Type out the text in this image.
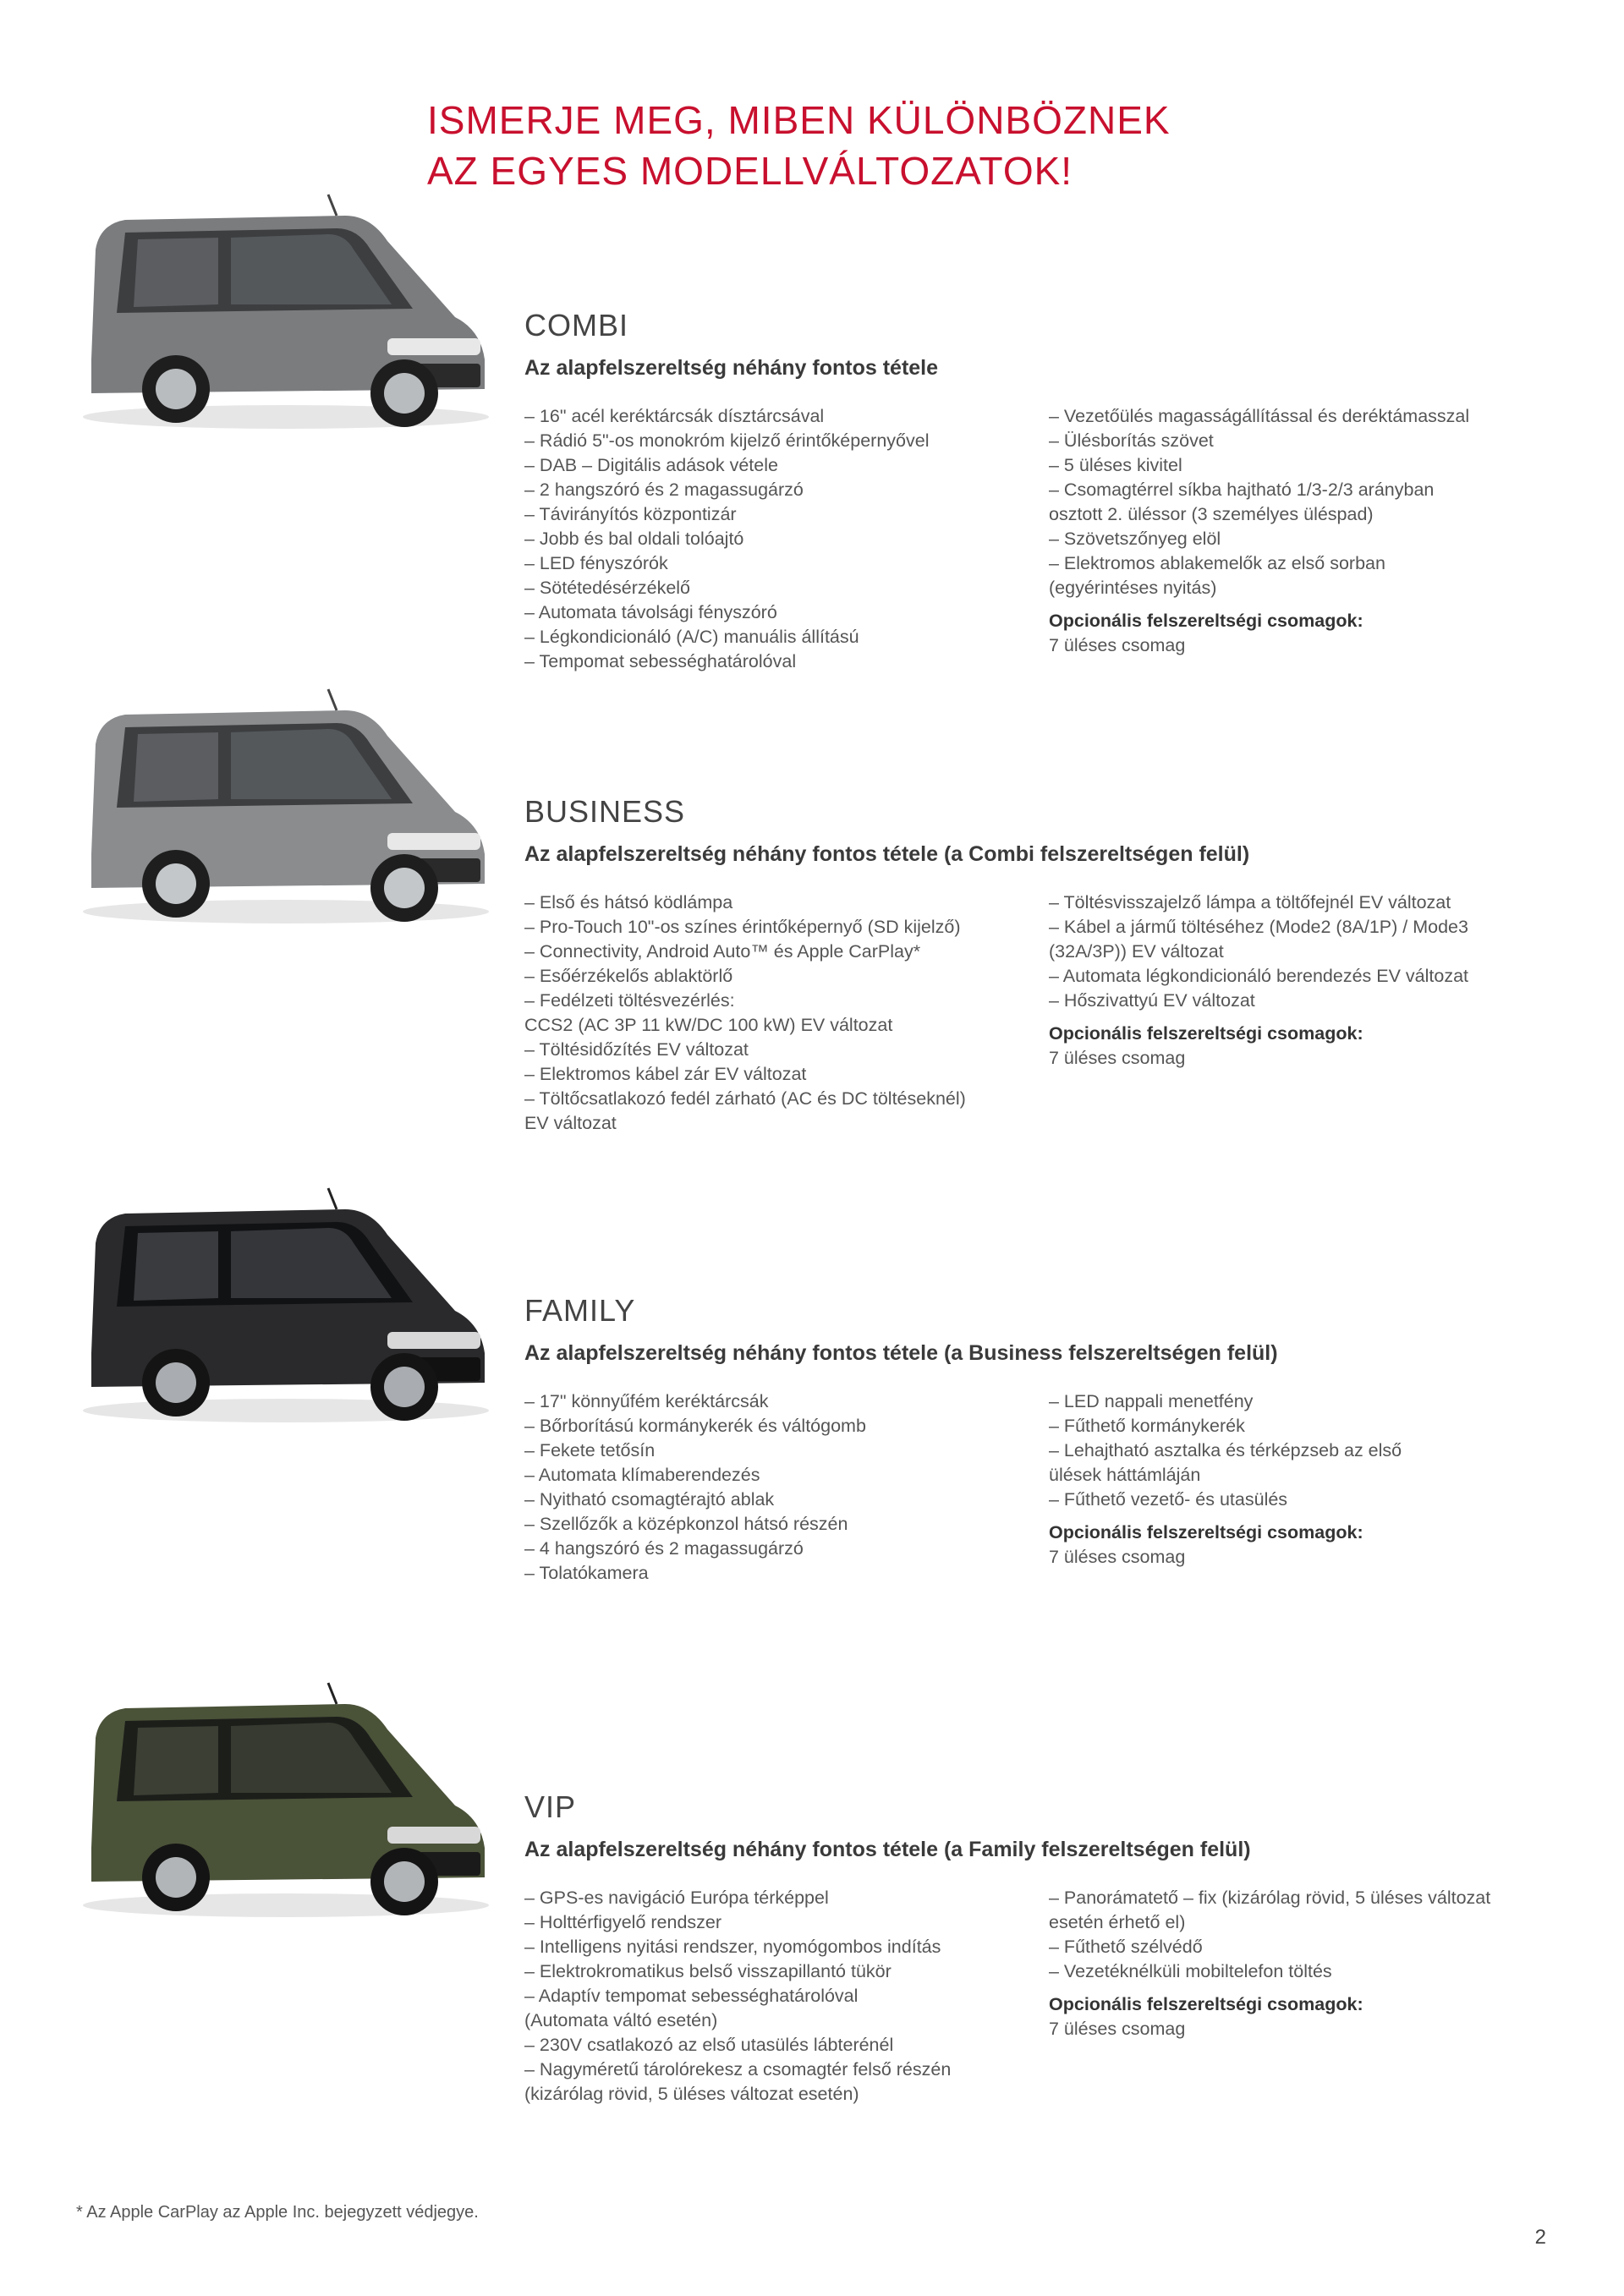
ISMERJE MEG, MIBEN KÜLÖNBÖZNEK
AZ EGYES MODELLVÁLTOZATOK!
COMBI
Az alapfelszereltség néhány fontos tétele
– 16" acél keréktárcsák dísztárcsával
– Rádió 5"-os monokróm kijelző érintőképernyővel
– DAB – Digitális adások vétele
– 2 hangszóró és 2 magassugárzó
– Távirányítós központizár
– Jobb és bal oldali tolóajtó
– LED fényszórók
– Sötétedésérzékelő
– Automata távolsági fényszóró
– Légkondicionáló (A/C) manuális állítású
– Tempomat sebességhatárolóval
– Vezetőülés magasságállítással és deréktámasszal
– Ülésborítás szövet
– 5 üléses kivitel
– Csomagtérrel síkba hajtható 1/3-2/3 arányban
osztott 2. üléssor (3 személyes üléspad)
– Szövetszőnyeg elöl
– Elektromos ablakemelők az első sorban
(egyérintéses nyitás)
Opcionális felszereltségi csomagok:
7 üléses csomag
BUSINESS
Az alapfelszereltség néhány fontos tétele (a Combi felszereltségen felül)
– Első és hátsó ködlámpa
– Pro-Touch 10"-os színes érintőképernyő (SD kijelző)
– Connectivity, Android Auto™ és Apple CarPlay*
– Esőérzékelős ablaktörlő
– Fedélzeti töltésvezérlés:
CCS2 (AC 3P 11 kW/DC 100 kW) EV változat
– Töltésidőzítés EV változat
– Elektromos kábel zár EV változat
– Töltőcsatlakozó fedél zárható (AC és DC töltéseknél)
EV változat
– Töltésvisszajelző lámpa a töltőfejnél EV változat
– Kábel a jármű töltéséhez (Mode2 (8A/1P) / Mode3
(32A/3P)) EV változat
– Automata légkondicionáló berendezés EV változat
– Hőszivattyú EV változat
Opcionális felszereltségi csomagok:
7 üléses csomag
FAMILY
Az alapfelszereltség néhány fontos tétele (a Business felszereltségen felül)
– 17" könnyűfém keréktárcsák
– Bőrborítású kormánykerék és váltógomb
– Fekete tetősín
– Automata klímaberendezés
– Nyitható csomagtérajtó ablak
– Szellőzők a középkonzol hátsó részén
– 4 hangszóró és 2 magassugárzó
– Tolatókamera
– LED nappali menetfény
– Fűthető kormánykerék
– Lehajtható asztalka és térképzseb az első
ülések háttámláján
– Fűthető vezető- és utasülés
Opcionális felszereltségi csomagok:
7 üléses csomag
VIP
Az alapfelszereltség néhány fontos tétele (a Family felszereltségen felül)
– GPS-es navigáció Európa térképpel
– Holttérfigyelő rendszer
– Intelligens nyitási rendszer, nyomógombos indítás
– Elektrokromatikus belső visszapillantó tükör
– Adaptív tempomat sebességhatárolóval
(Automata váltó esetén)
– 230V csatlakozó az első utasülés lábterénél
– Nagyméretű tárolórekesz a csomagtér felső részén
(kizárólag rövid, 5 üléses változat esetén)
– Panorámatető – fix (kizárólag rövid, 5 üléses változat
esetén érhető el)
– Fűthető szélvédő
– Vezetéknélküli mobiltelefon töltés
Opcionális felszereltségi csomagok:
7 üléses csomag
* Az Apple CarPlay az Apple Inc. bejegyzett védjegye.
2
